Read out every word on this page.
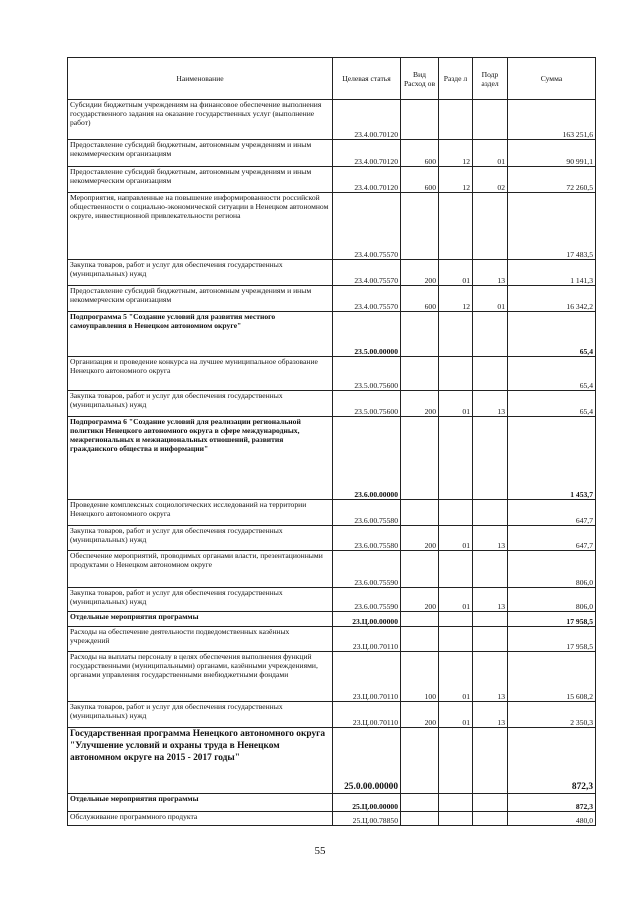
Наименование	Целевая статья	Вид Расход ов	Разде л	Подр аздел	Сумма
Субсидии бюджетным учреждениям на финансовое обеспечение выполнения государственного задания на оказание государственных услуг (выполнение работ)	23.4.00.70120				163 251,6
Предоставление субсидий бюджетным, автономным учреждениям и иным некоммерческим организациям	23.4.00.70120	600	12	01	90 991,1
Предоставление субсидий бюджетным, автономным учреждениям и иным некоммерческим организациям	23.4.00.70120	600	12	02	72 260,5
Мероприятия, направленные на повышение информированности российской общественности о социально-экономической ситуации в Ненецком автономном округе, инвестиционной привлекательности региона	23.4.00.75570				17 483,5
Закупка товаров, работ и услуг для обеспечения государственных (муниципальных) нужд	23.4.00.75570	200	01	13	1 141,3
Предоставление субсидий бюджетным, автономным учреждениям и иным некоммерческим организациям	23.4.00.75570	600	12	01	16 342,2
Подпрограмма 5 "Создание условий для развития местного самоуправления в Ненецком автономном округе"	23.5.00.00000				65,4
Организация и проведение конкурса на лучшее муниципальное образование Ненецкого автономного округа	23.5.00.75600				65,4
Закупка товаров, работ и услуг для обеспечения государственных (муниципальных) нужд	23.5.00.75600	200	01	13	65,4
Подпрограмма 6 "Создание условий для реализации региональной политики Ненецкого автономного округа в сфере международных, межрегиональных и межнациональных отношений, развития гражданского общества и информации"	23.6.00.00000				1 453,7
Проведение комплексных социологических исследований на территории Ненецкого автономного округа	23.6.00.75580				647,7
Закупка товаров, работ и услуг для обеспечения государственных (муниципальных) нужд	23.6.00.75580	200	01	13	647,7
Обеспечение мероприятий, проводимых органами власти, презентационными продуктами о Ненецком автономном округе	23.6.00.75590				806,0
Закупка товаров, работ и услуг для обеспечения государственных (муниципальных) нужд	23.6.00.75590	200	01	13	806,0
Отдельные мероприятия программы	23.Ц.00.00000				17 958,5
Расходы на обеспечение деятельности подведомственных казённых учреждений	23.Ц.00.70110				17 958,5
Расходы на выплаты персоналу в целях обеспечения выполнения функций государственными (муниципальными) органами, казёнными учреждениями, органами управления государственными внебюджетными фондами	23.Ц.00.70110	100	01	13	15 608,2
Закупка товаров, работ и услуг для обеспечения государственных (муниципальных) нужд	23.Ц.00.70110	200	01	13	2 350,3
Государственная программа Ненецкого автономного округа "Улучшение условий и охраны труда в Ненецком автономном округе на 2015 - 2017 годы"	25.0.00.00000				872,3
Отдельные мероприятия программы	25.Ц.00.00000				872,3
Обслуживание программного продукта	25.Ц.00.78850				480,0
55
